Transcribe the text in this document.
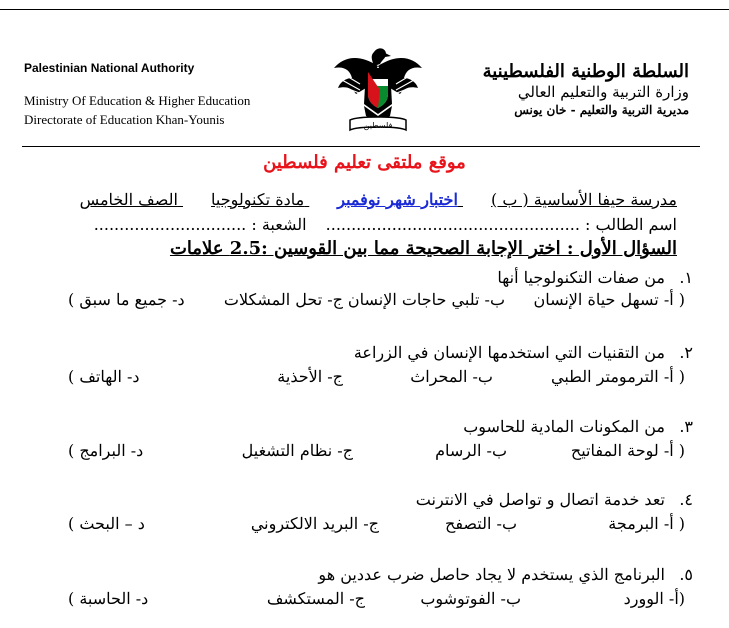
Palestinian National Authority
Ministry Of Education & Higher Education
Directorate of Education Khan-Younis	فلسطين
السلطة الوطنية الفلسطينية
وزارة التربية والتعليم العالي
مديرية التربية والتعليم - خان يونس
موقع ملتقى تعليم فلسطين
مدرسة حيفا الأساسية ( ب ) اختبار شهر نوفمبر مادة تكنولوجيا الصف الخامس
اسم الطالب : .................................................. الشعبة : ..............................
السؤال الأول : اختر الإجابة الصحيحة مما بين القوسين :2.5 علامات
١.
من صفات التكنولوجيا أنها
( أ- تسهل حياة الإنسان
ب- تلبي حاجات الإنسان
ج- تحل المشكلات
د- جميع ما سبق )
٢.
من التقنيات التي استخدمها الإنسان في الزراعة
( أ- الترمومتر الطبي
ب- المحراث
ج- الأحذية
د- الهاتف )
٣.
من المكونات المادية للحاسوب
( أ- لوحة المفاتيح
ب- الرسام
ج- نظام التشغيل
د- البرامج )
٤.
تعد خدمة اتصال و تواصل في الانترنت
( أ- البرمجة
ب- التصفح
ج- البريد الالكتروني
د – البحث )
٥.
البرنامج الذي يستخدم لا يجاد حاصل ضرب عددين هو
(أ- الوورد
ب- الفوتوشوب
ج- المستكشف
د- الحاسبة )
